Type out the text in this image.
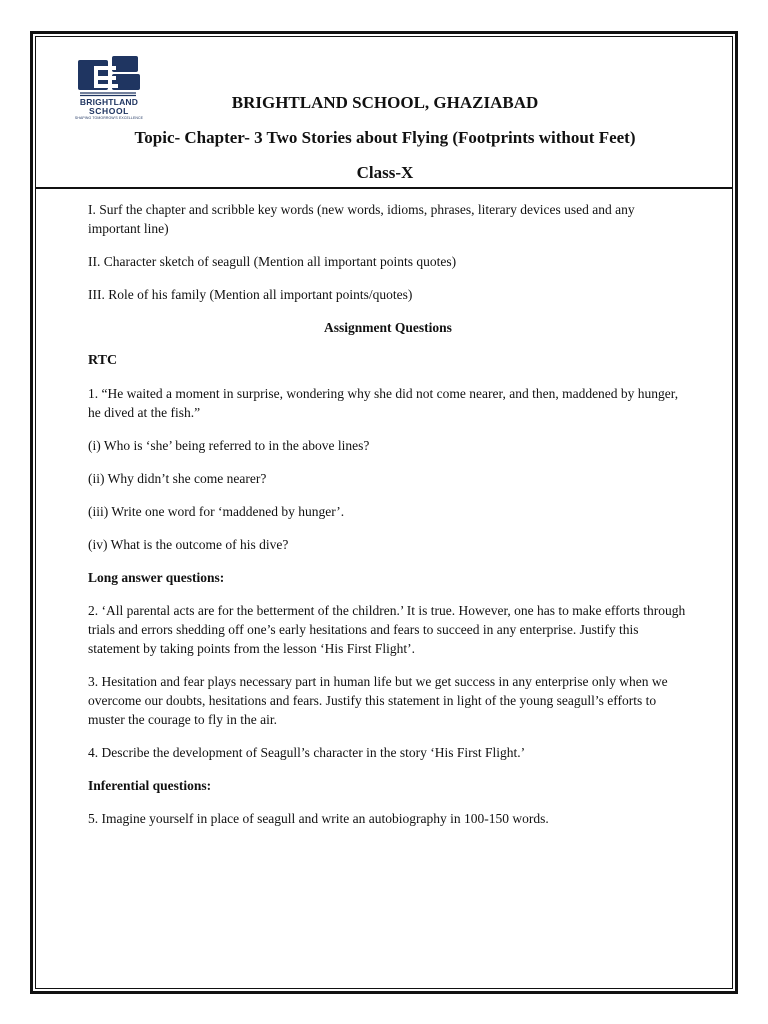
BRIGHTLAND
SCHOOL
SHAPING TOMORROW'S EXCELLENCE
BRIGHTLAND SCHOOL, GHAZIABAD
Topic- Chapter- 3 Two Stories about Flying (Footprints without Feet)
Class-X

I. Surf the chapter and scribble key words (new words, idioms, phrases, literary devices used and any important line)

II. Character sketch of seagull (Mention all important points quotes)

III. Role of his family (Mention all important points/quotes)

Assignment Questions

RTC

1. “He waited a moment in surprise, wondering why she did not come nearer, and then, maddened by hunger, he dived at the fish.”

(i) Who is ‘she’ being referred to in the above lines?

(ii) Why didn’t she come nearer?

(iii) Write one word for ‘maddened by hunger’.

(iv) What is the outcome of his dive?

Long answer questions:

2. ‘All parental acts are for the betterment of the children.’ It is true. However, one has to make efforts through trials and errors shedding off one’s early hesitations and fears to succeed in any enterprise. Justify this statement by taking points from the lesson ‘His First Flight’.

3. Hesitation and fear plays necessary part in human life but we get success in any enterprise only when we overcome our doubts, hesitations and fears. Justify this statement in light of the young seagull’s efforts to muster the courage to fly in the air.

4. Describe the development of Seagull’s character in the story ‘His First Flight.’

Inferential questions:

5. Imagine yourself in place of seagull and write an autobiography in 100-150 words.
